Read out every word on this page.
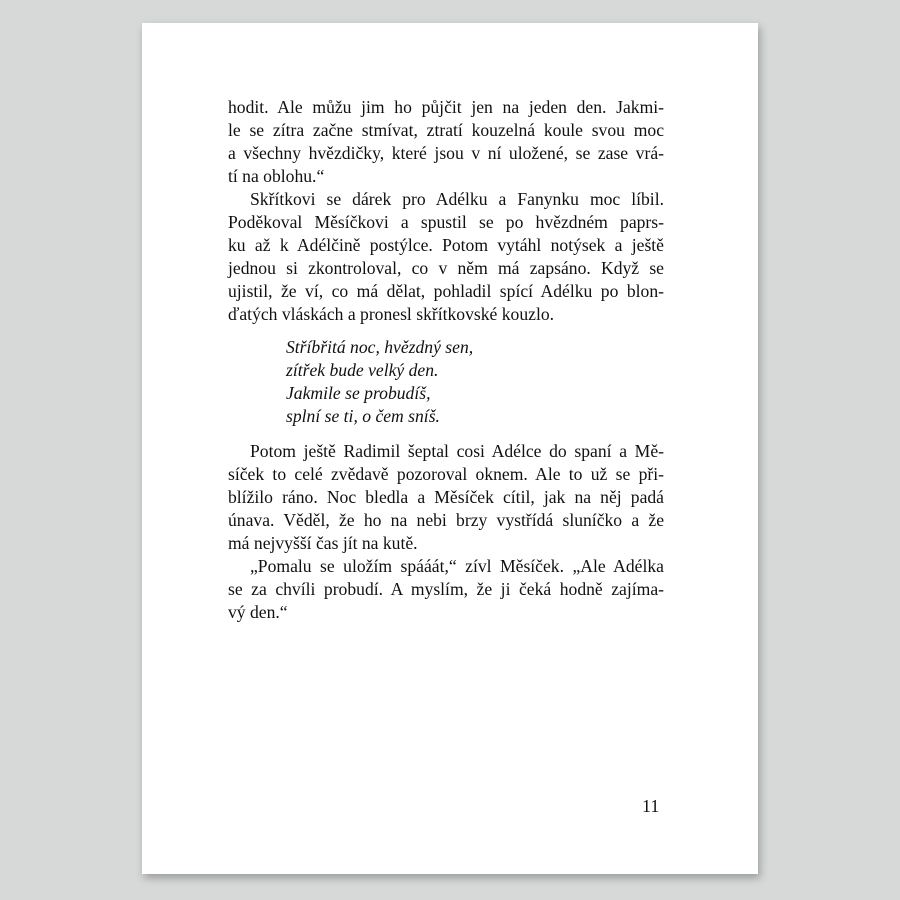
hodit. Ale můžu jim ho půjčit jen na jeden den. Jakmi-
le se zítra začne stmívat, ztratí kouzelná koule svou moc
a všechny hvězdičky, které jsou v ní uložené, se zase vrá-
tí na oblohu.“
Skřítkovi se dárek pro Adélku a Fanynku moc líbil.
Poděkoval Měsíčkovi a spustil se po hvězdném paprs-
ku až k Adélčině postýlce. Potom vytáhl notýsek a ještě
jednou si zkontroloval, co v něm má zapsáno. Když se
ujistil, že ví, co má dělat, pohladil spící Adélku po blon-
ďatých vláskách a pronesl skřítkovské kouzlo.
Stříbřitá noc, hvězdný sen,
zítřek bude velký den.
Jakmile se probudíš,
splní se ti, o čem sníš.
Potom ještě Radimil šeptal cosi Adélce do spaní a Mě-
síček to celé zvědavě pozoroval oknem. Ale to už se při-
blížilo ráno. Noc bledla a Měsíček cítil, jak na něj padá
únava. Věděl, že ho na nebi brzy vystřídá sluníčko a že
má nejvyšší čas jít na kutě.
„Pomalu se uložím spááát,“ zívl Měsíček. „Ale Adélka
se za chvíli probudí. A myslím, že ji čeká hodně zajíma-
vý den.“
11
